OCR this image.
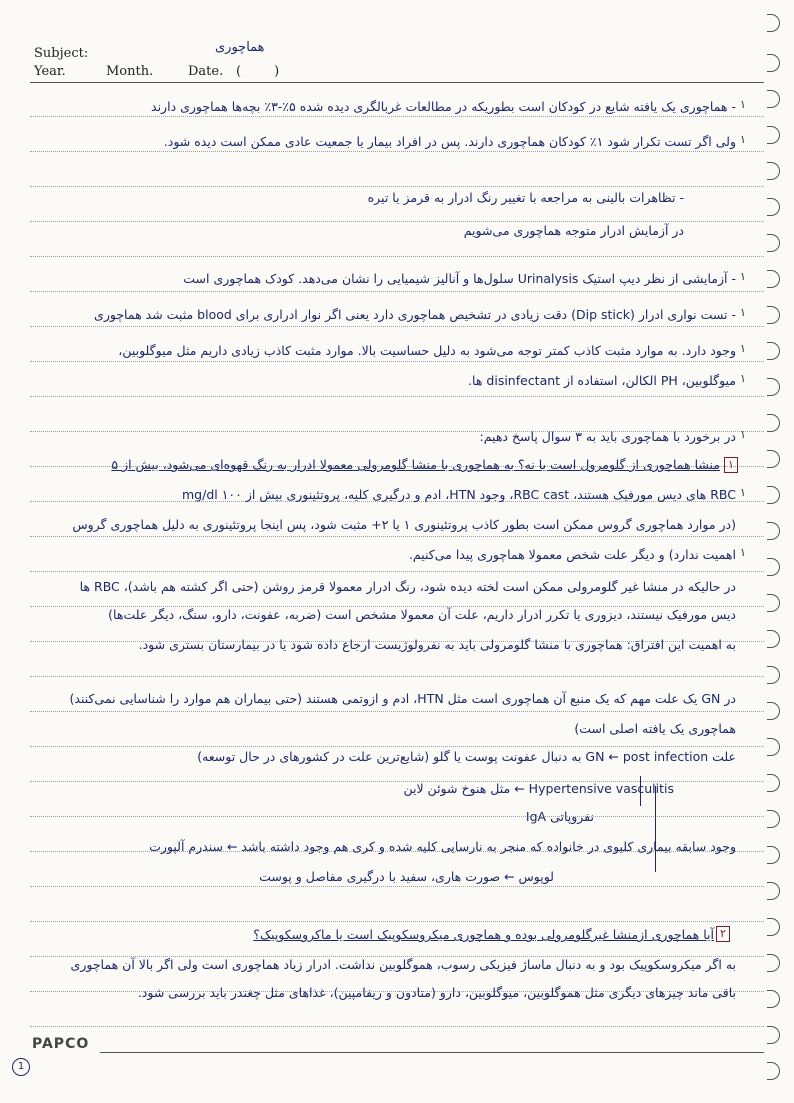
Subject:
Year.	Month.	Date. (        )
هماچوری
- هماچوری یک یافته شایع در کودکان است بطوریکه در مطالعات غربالگری دیده شده ۵٪-۳٪ بچه‌ها هماچوری دارند
ولی اگر تست تکرار شود ۱٪ کودکان هماچوری دارند. پس در افراد بیمار یا جمعیت عادی ممکن است دیده شود.
- تظاهرات بالینی به مراجعه با تغییر رنگ ادرار به قرمز یا تیره
در آزمایش ادرار متوجه هماچوری می‌شویم
- آزمایشی از نظر دیپ استیک Urinalysis سلول‌ها و آنالیز شیمیایی را نشان می‌دهد. کودک هماچوری است
- تست نواری ادرار (Dip stick) دقت زیادی در تشخیص هماچوری دارد یعنی اگر نوار ادراری برای blood مثبت شد هماچوری
وجود دارد. به موارد مثبت کاذب کمتر توجه می‌شود به دلیل حساسیت بالا. موارد مثبت کاذب زیادی داریم مثل میوگلوبین،
میوگلوبین، PH الکالن، استفاده از disinfectant ها.
در برخورد با هماچوری باید به ۳ سوال پاسخ دهیم:
منشا هماچوری از گلومرول است یا نه؟ به هماچوری با منشا گلومرولی معمولا ادرار به رنگ قهوه‌ای می‌شود، بیش از ۵
RBC های دیس مورفیک هستند، RBC cast، وجود HTN، ادم و درگیری کلیه، پروتئینوری بیش از ۱۰۰ mg/dl
(در موارد هماچوری گروس ممکن است بطور کاذب پروتئینوری ۱ یا ۲+ مثبت شود، پس اینجا پروتئینوری به دلیل هماچوری گروس
اهمیت ندارد) و دیگر علت شخص معمولا هماچوری پیدا می‌کنیم.
در حالیکه در منشا غیر گلومرولی ممکن است لخته دیده شود، رنگ ادرار معمولا قرمز روشن (حتی اگر کشته هم باشد)، RBC ها
دیس مورفیک نیستند، دیزوری یا تکرر ادرار داریم، علت آن معمولا مشخص است (ضربه، عفونت، دارو، سنگ، دیگر علت‌ها)
به اهمیت این افتراق: هماچوری با منشا گلومرولی باید به نفرولوژیست ارجاع داده شود یا در بیمارستان بستری شود.
در GN یک علت مهم که یک منبع آن هماچوری است مثل HTN، ادم و ازوتمی هستند (حتی بیماران هم موارد را شناسایی نمی‌کنند)
هماچوری یک یافته اصلی است)
علت GN ← post infection به دنبال عفونت پوست یا گلو (شایع‌ترین علت در کشورهای در حال توسعه)
Hypertensive vasculitis ← مثل هنوخ شوئن لاین
نفروپاتی IgA
وجود سابقه بیماری کلیوی در خانواده که منجر به نارسایی کلیه شده و کری هم وجود داشته باشد ← سندرم آلپورت
لوپوس ← صورت هاری، سفید با درگیری مفاصل و پوست
آیا هماچوری ازمنشا غیرگلومرولی بوده و هماچوری میکروسکوپیک است یا ماکروسکوپیک؟
به اگر میکروسکوپیک بود و به دنبال ماساژ فیزیکی رسوب، هموگلوبین نداشت. ادرار زیاد هماچوری است ولی اگر بالا آن هماچوری
باقی ماند چیزهای دیگری مثل هموگلوبین، میوگلوبین، دارو (متادون و ریفامپین)، غذاهای مثل چغندر باید بررسی شود.
۱
۲
۱
۱
۱
۱
۱
۱
۱
۱
۱
PAPCO
1
